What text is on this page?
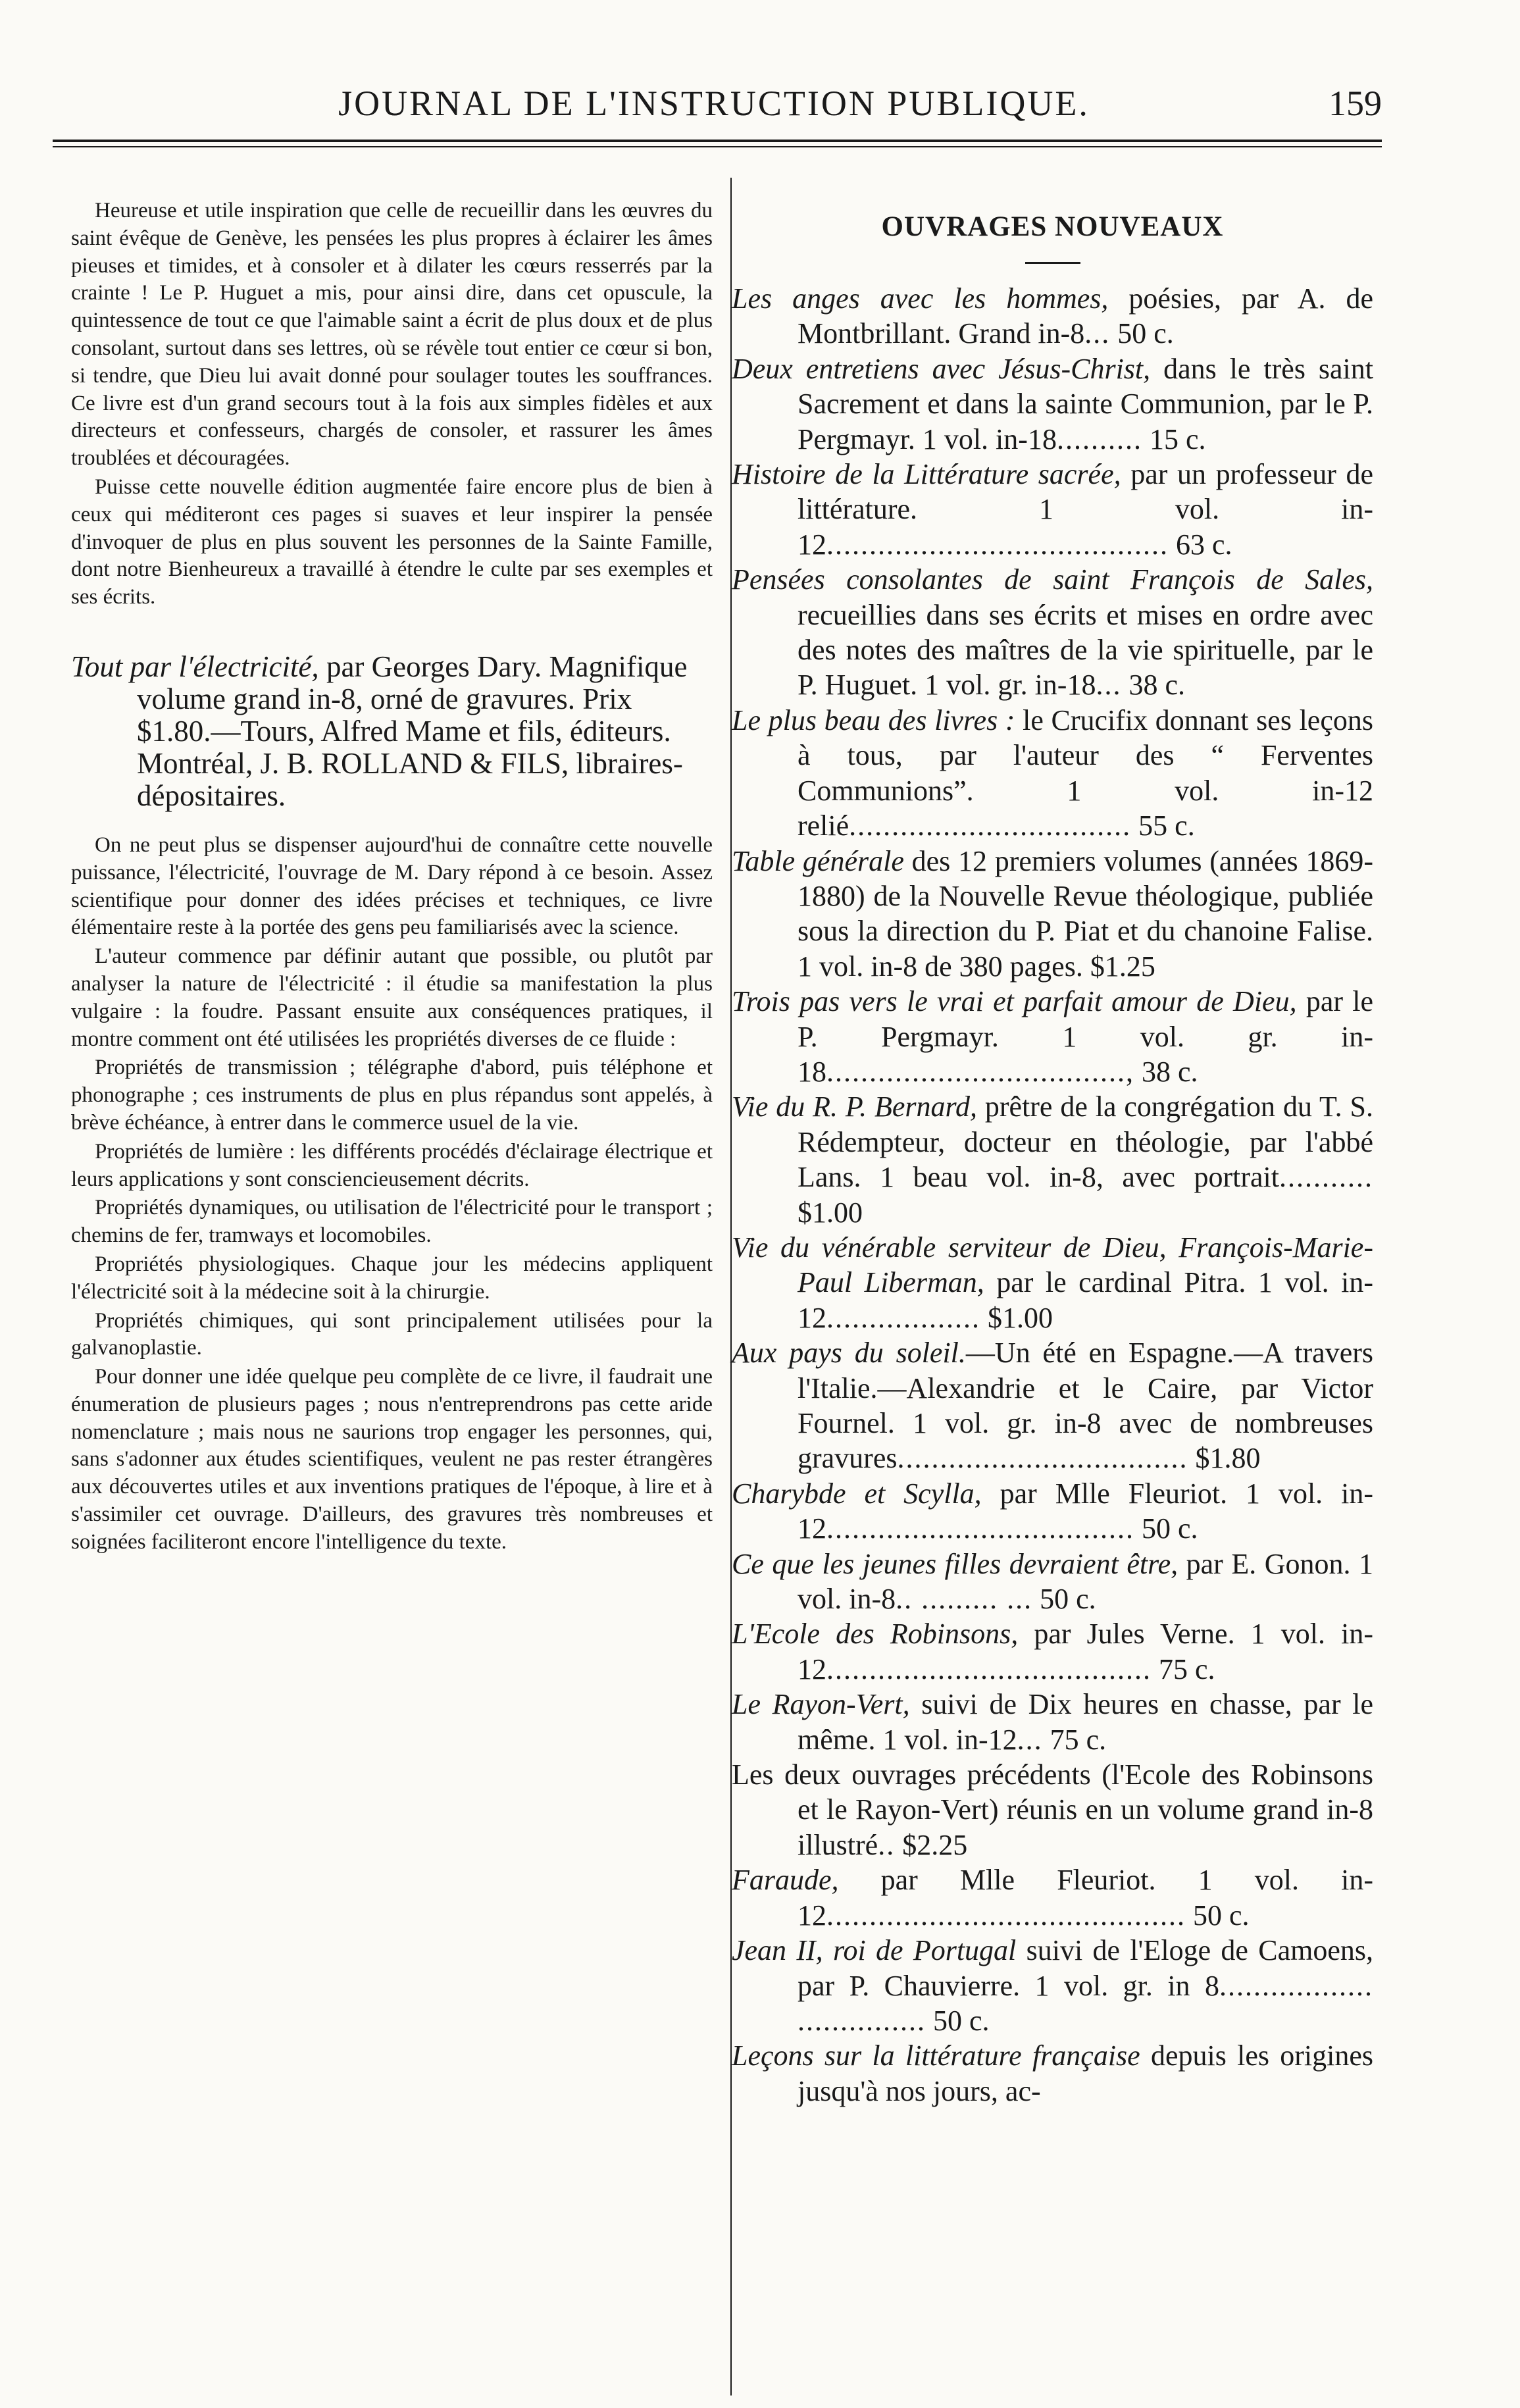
JOURNAL DE L'INSTRUCTION PUBLIQUE.	159

Heureuse et utile inspiration que celle de recueillir dans les œuvres du saint évêque de Genève, les pensées les plus propres à éclairer les âmes pieuses et timides, et à consoler et à dilater les cœurs resserrés par la crainte ! Le P. Huguet a mis, pour ainsi dire, dans cet opuscule, la quintessence de tout ce que l'aimable saint a écrit de plus doux et de plus consolant, surtout dans ses lettres, où se révèle tout entier ce cœur si bon, si tendre, que Dieu lui avait donné pour soulager toutes les souffrances. Ce livre est d'un grand secours tout à la fois aux simples fidèles et aux directeurs et confesseurs, chargés de consoler, et rassurer les âmes troublées et découragées.

Puisse cette nouvelle édition augmentée faire encore plus de bien à ceux qui méditeront ces pages si suaves et leur inspirer la pensée d'invoquer de plus en plus souvent les personnes de la Sainte Famille, dont notre Bienheureux a travaillé à étendre le culte par ses exemples et ses écrits.

Tout par l'électricité, par Georges Dary. Magnifique volume grand in-8, orné de gravures. Prix $1.80.—Tours, Alfred Mame et fils, éditeurs. Montréal, J. B. ROLLAND & FILS, libraires-dépositaires.

On ne peut plus se dispenser aujourd'hui de connaître cette nouvelle puissance, l'électricité, l'ouvrage de M. Dary répond à ce besoin. Assez scientifique pour donner des idées précises et techniques, ce livre élémentaire reste à la portée des gens peu familiarisés avec la science.

L'auteur commence par définir autant que possible, ou plutôt par analyser la nature de l'électricité : il étudie sa manifestation la plus vulgaire : la foudre. Passant ensuite aux conséquences pratiques, il montre comment ont été utilisées les propriétés diverses de ce fluide :

Propriétés de transmission ; télégraphe d'abord, puis téléphone et phonographe ; ces instruments de plus en plus répandus sont appelés, à brève échéance, à entrer dans le commerce usuel de la vie.

Propriétés de lumière : les différents procédés d'éclairage électrique et leurs applications y sont consciencieusement décrits.

Propriétés dynamiques, ou utilisation de l'électricité pour le transport ; chemins de fer, tramways et locomobiles.

Propriétés physiologiques. Chaque jour les médecins appliquent l'électricité soit à la médecine soit à la chirurgie.

Propriétés chimiques, qui sont principalement utilisées pour la galvanoplastie.

Pour donner une idée quelque peu complète de ce livre, il faudrait une énumeration de plusieurs pages ; nous n'entreprendrons pas cette aride nomenclature ; mais nous ne saurions trop engager les personnes, qui, sans s'adonner aux études scientifiques, veulent ne pas rester étrangères aux découvertes utiles et aux inventions pratiques de l'époque, à lire et à s'assimiler cet ouvrage. D'ailleurs, des gravures très nombreuses et soignées faciliteront encore l'intelligence du texte.

OUVRAGES NOUVEAUX

Les anges avec les hommes, poésies, par A. de Montbrillant. Grand in-8... 50 c.

Deux entretiens avec Jésus-Christ, dans le très saint Sacrement et dans la sainte Communion, par le P. Pergmayr. 1 vol. in-18.......... 15 c.

Histoire de la Littérature sacrée, par un professeur de littérature. 1 vol. in-12........................................ 63 c.

Pensées consolantes de saint François de Sales, recueillies dans ses écrits et mises en ordre avec des notes des maîtres de la vie spirituelle, par le P. Huguet. 1 vol. gr. in-18... 38 c.

Le plus beau des livres : le Crucifix donnant ses leçons à tous, par l'auteur des “ Ferventes Communions”. 1 vol. in-12 relié................................. 55 c.

Table générale des 12 premiers volumes (années 1869-1880) de la Nouvelle Revue théologique, publiée sous la direction du P. Piat et du chanoine Falise. 1 vol. in-8 de 380 pages. $1.25

Trois pas vers le vrai et parfait amour de Dieu, par le P. Pergmayr. 1 vol. gr. in-18..................................., 38 c.

Vie du R. P. Bernard, prêtre de la congrégation du T. S. Rédempteur, docteur en théologie, par l'abbé Lans. 1 beau vol. in-8, avec portrait........... $1.00

Vie du vénérable serviteur de Dieu, François-Marie-Paul Liberman, par le cardinal Pitra. 1 vol. in-12.................. $1.00

Aux pays du soleil.—Un été en Espagne.—A travers l'Italie.—Alexandrie et le Caire, par Victor Fournel. 1 vol. gr. in-8 avec de nombreuses gravures.................................. $1.80

Charybde et Scylla, par Mlle Fleuriot. 1 vol. in-12.................................... 50 c.

Ce que les jeunes filles devraient être, par E. Gonon. 1 vol. in-8.. ......... ... 50 c.

L'Ecole des Robinsons, par Jules Verne. 1 vol. in-12...................................... 75 c.

Le Rayon-Vert, suivi de Dix heures en chasse, par le même. 1 vol. in-12... 75 c.

Les deux ouvrages précédents (l'Ecole des Robinsons et le Rayon-Vert) réunis en un volume grand in-8 illustré.. $2.25

Faraude, par Mlle Fleuriot. 1 vol. in-12.......................................... 50 c.

Jean II, roi de Portugal suivi de l'Eloge de Camoens, par P. Chauvierre. 1 vol. gr. in 8.................. ............... 50 c.

Leçons sur la littérature française depuis les origines jusqu'à nos jours, ac-
